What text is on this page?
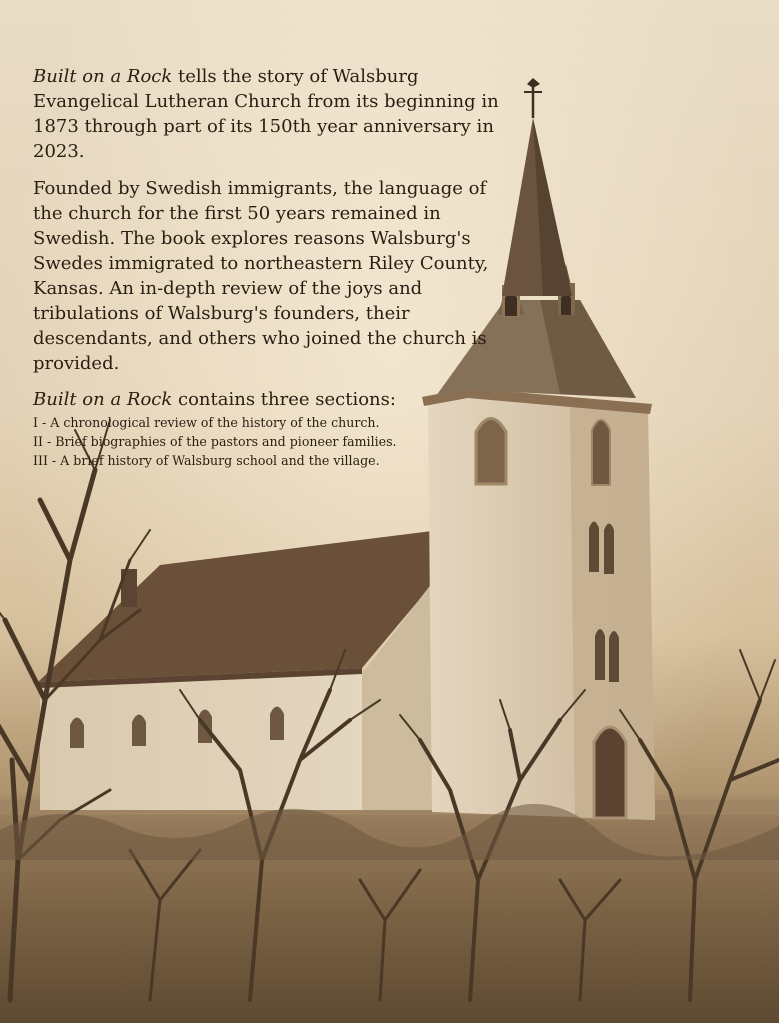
Built on a Rock tells the story of Walsburg Evangelical Lutheran Church from its beginning in 1873 through part of its 150th year anniversary in 2023.

Founded by Swedish immigrants, the language of the church for the first 50 years remained in Swedish. The book explores reasons Walsburg's Swedes immigrated to northeastern Riley County, Kansas. An in-depth review of the joys and tribulations of Walsburg's founders, their descendants, and others who joined the church is provided.

Built on a Rock contains three sections:

I - A chronological review of the history of the church.
II - Brief biographies of the pastors and pioneer families.
III - A brief history of Walsburg school and the village.
